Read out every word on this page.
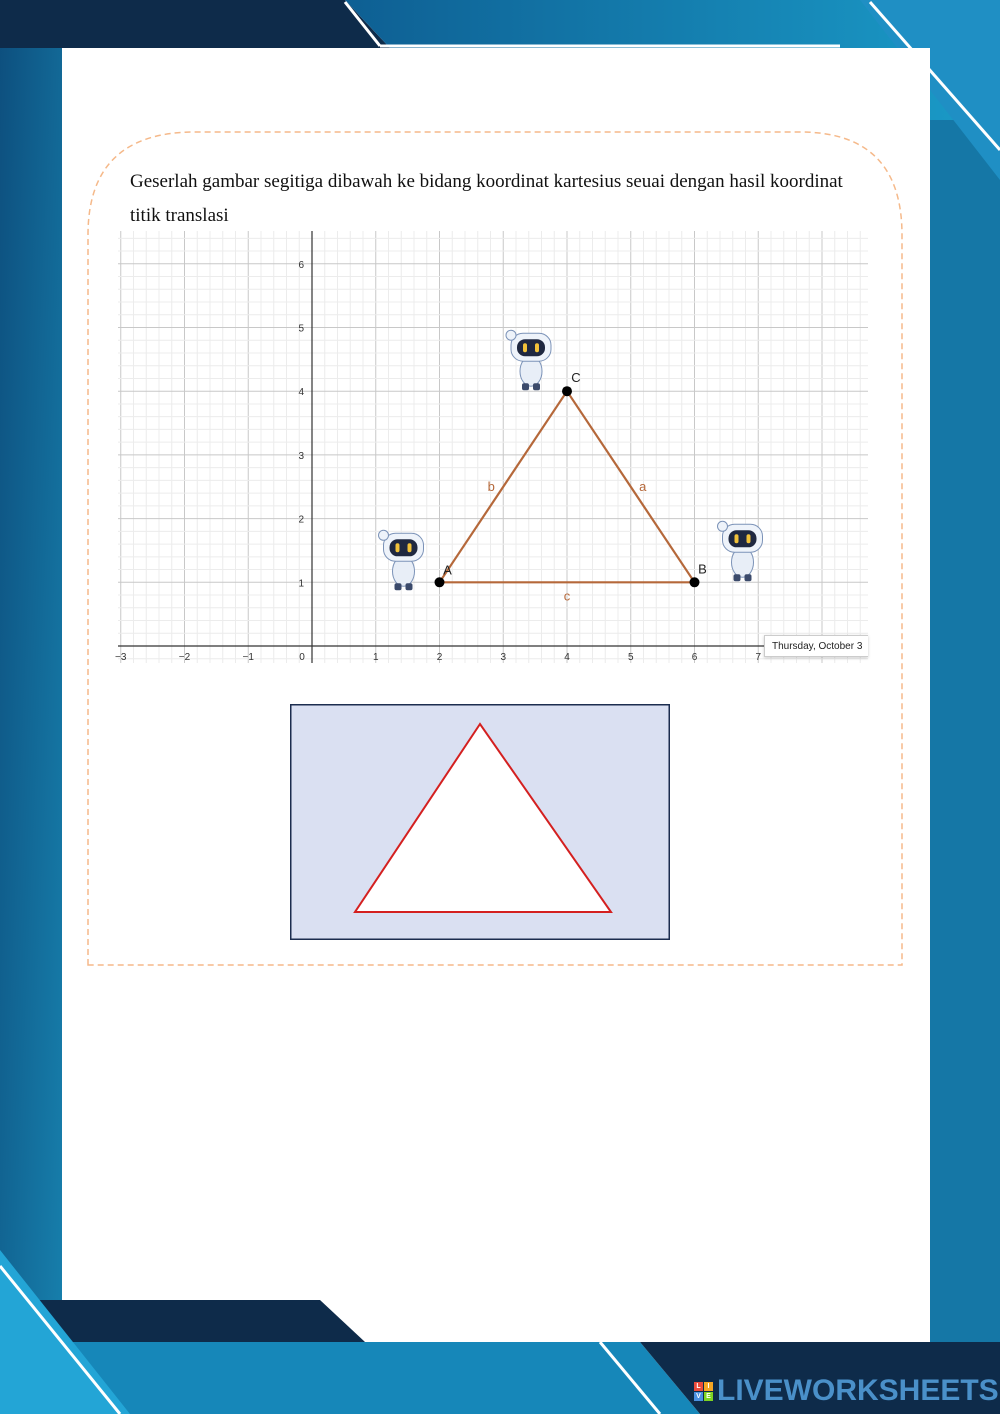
Geserlah gambar segitiga dibawah ke bidang koordinat kartesius seuai dengan hasil koordinat
titik translasi
−3	−2	−1	0	1	2	3	4	5	6	7
1
2
3
4
5
6
a
b
c
A	B
C
Thursday, October 3
L I
V E LIVEWORKSHEETS
